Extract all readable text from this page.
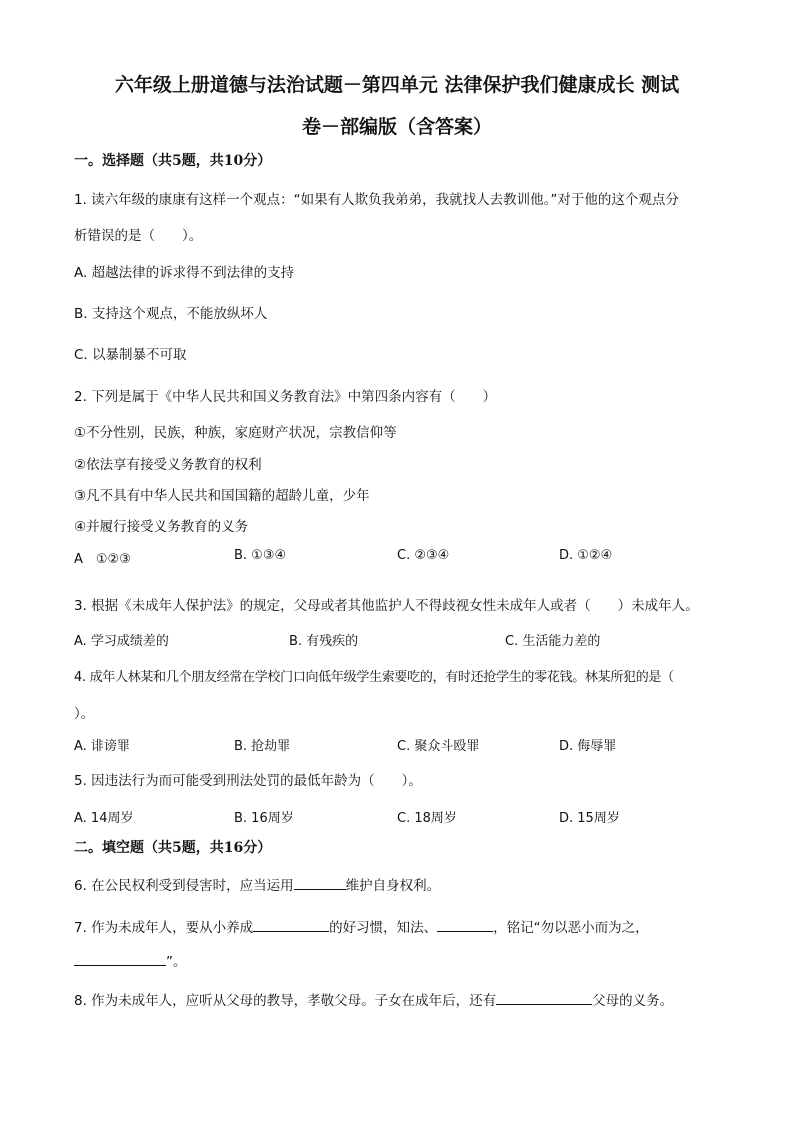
六年级上册道德与法治试题－第四单元 法律保护我们健康成长 测试
卷－部编版（含答案）
一。选择题（共5题，共10分）
1. 读六年级的康康有这样一个观点：“如果有人欺负我弟弟，我就找人去教训他。”对于他的这个观点分
析错误的是（　　）。
A. 超越法律的诉求得不到法律的支持
B. 支持这个观点，不能放纵坏人
C. 以暴制暴不可取
2. 下列是属于《中华人民共和国义务教育法》中第四条内容有（　　）
①不分性别，民族，种族，家庭财产状况，宗教信仰等
②依法享有接受义务教育的权利
③凡不具有中华人民共和国国籍的超龄儿童，少年
④并履行接受义务教育的义务
A　①②③	B. ①③④	C. ②③④	D. ①②④
3. 根据《未成年人保护法》的规定，父母或者其他监护人不得歧视女性未成年人或者（　　）未成年人。
A. 学习成绩差的	B. 有残疾的	C. 生活能力差的
4. 成年人林某和几个朋友经常在学校门口向低年级学生索要吃的，有时还抢学生的零花钱。林某所犯的是（
）。
A. 诽谤罪	B. 抢劫罪	C. 聚众斗殴罪	D. 侮辱罪
5. 因违法行为而可能受到刑法处罚的最低年龄为（　　）。
A. 14周岁	B. 16周岁	C. 18周岁	D. 15周岁
二。填空题（共5题，共16分）
6. 在公民权利受到侵害时，应当运用	维护自身权利。
7. 作为未成年人，要从小养成	的好习惯，知法、	，铭记“勿以恶小而为之，
”。
8. 作为未成年人，应听从父母的教导，孝敬父母。子女在成年后，还有	父母的义务。
